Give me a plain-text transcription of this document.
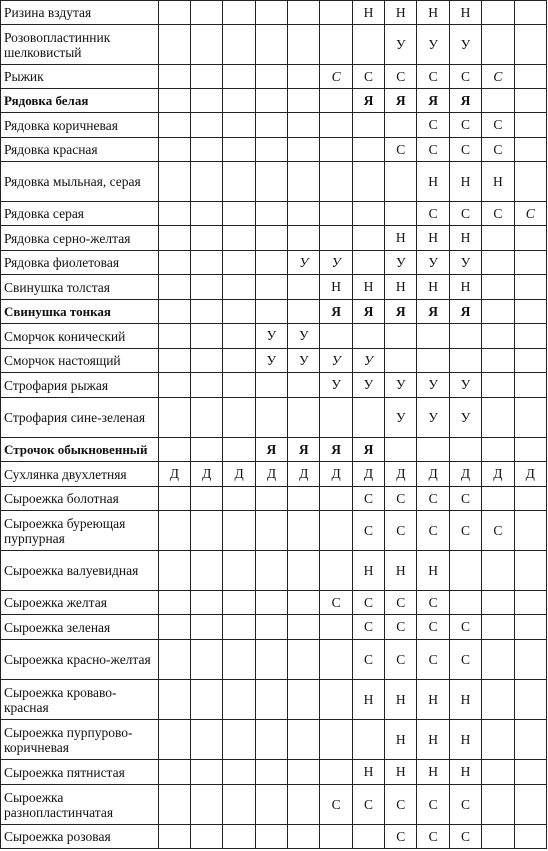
Ризина вздутая							Н	Н	Н	Н		
Розовопластинник шелковистый								У	У	У		
Рыжик						С	С	С	С	С	С	
Рядовка белая							Я	Я	Я	Я		
Рядовка коричневая									С	С	С	
Рядовка красная								С	С	С	С	
Рядовка мыльная, серая									Н	Н	Н	
Рядовка серая									С	С	С	С
Рядовка серно-желтая								Н	Н	Н		
Рядовка фиолетовая					У	У		У	У	У		
Свинушка толстая						Н	Н	Н	Н	Н		
Свинушка тонкая						Я	Я	Я	Я	Я		
Сморчок конический				У	У							
Сморчок настоящий				У	У	У	У					
Строфария рыжая						У	У	У	У	У		
Строфария сине-зеленая								У	У	У		
Строчок обыкновенный				Я	Я	Я	Я					
Сухлянка двухлетняя	Д	Д	Д	Д	Д	Д	Д	Д	Д	Д	Д	Д
Сыроежка болотная							С	С	С	С		
Сыроежка буреющая пурпурная							С	С	С	С	С	
Сыроежка валуевидная							Н	Н	Н			
Сыроежка желтая						С	С	С	С			
Сыроежка зеленая							С	С	С	С		
Сыроежка красно-желтая							С	С	С	С		
Сыроежка кроваво-красная							Н	Н	Н	Н		
Сыроежка пурпурово-коричневая								Н	Н	Н		
Сыроежка пятнистая							Н	Н	Н	Н		
Сыроежка разнопластинчатая						С	С	С	С	С		
Сыроежка розовая								С	С	С		
